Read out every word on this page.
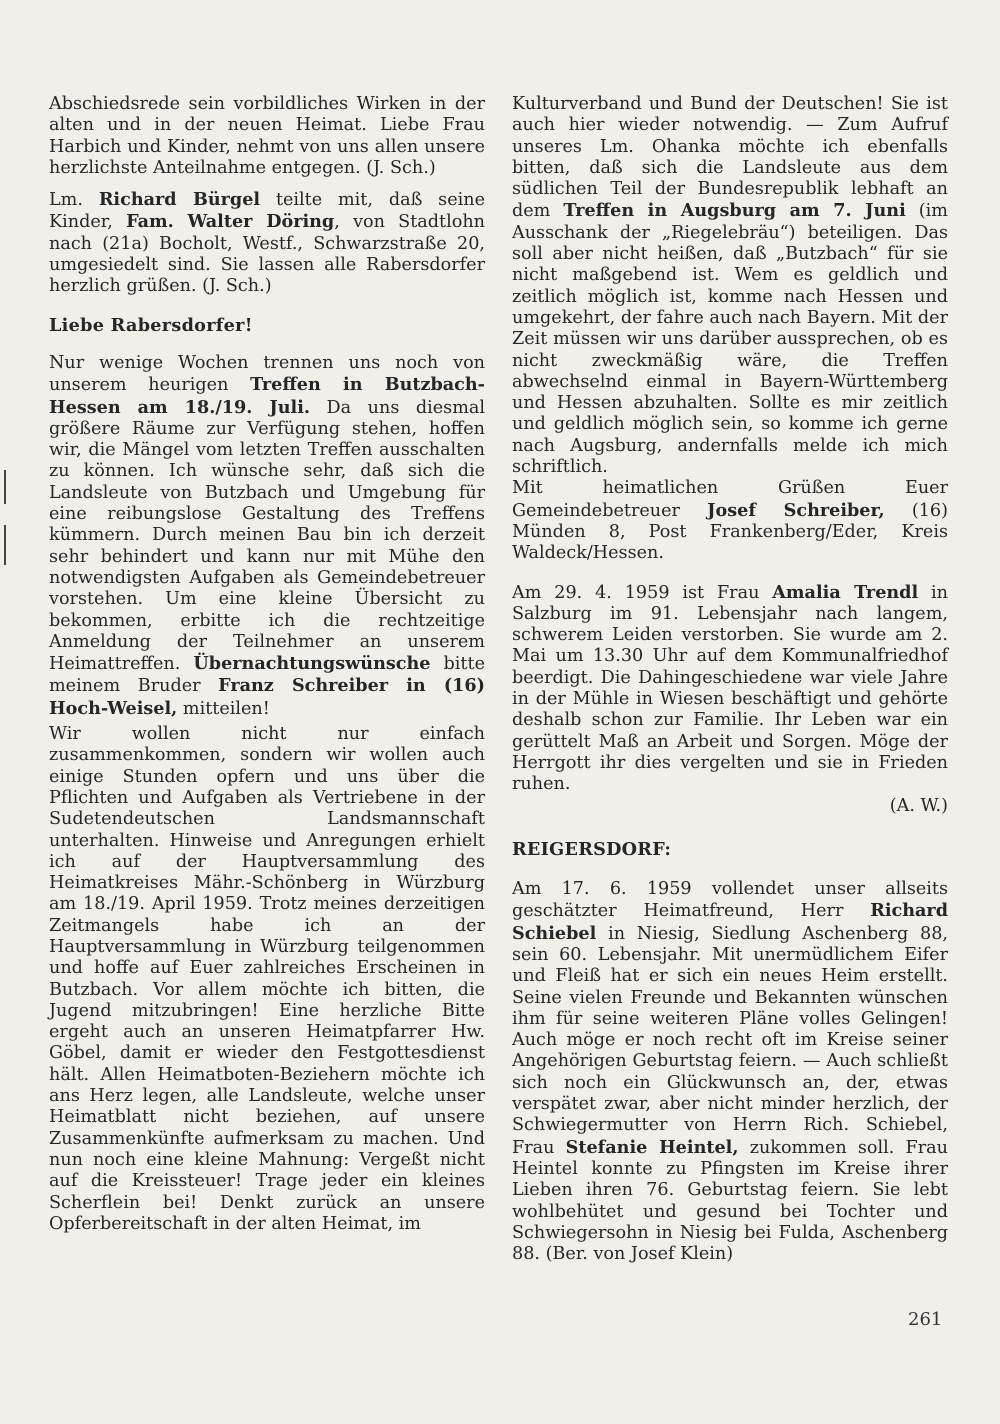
Abschiedsrede sein vorbildliches Wirken in der alten und in der neuen Heimat. Liebe Frau Harbich und Kinder, nehmt von uns allen unsere herzlichste Anteilnahme entgegen. (J. Sch.)

Lm. Richard Bürgel teilte mit, daß seine Kinder, Fam. Walter Döring, von Stadtlohn nach (21a) Bocholt, Westf., Schwarzstraße 20, umgesiedelt sind. Sie lassen alle Rabersdorfer herzlich grüßen. (J. Sch.)

Liebe Rabersdorfer!

Nur wenige Wochen trennen uns noch von unserem heurigen Treffen in Butzbach-Hessen am 18./19. Juli. Da uns diesmal größere Räume zur Verfügung stehen, hoffen wir, die Mängel vom letzten Treffen ausschalten zu können. Ich wünsche sehr, daß sich die Landsleute von Butzbach und Umgebung für eine reibungslose Gestaltung des Treffens kümmern. Durch meinen Bau bin ich derzeit sehr behindert und kann nur mit Mühe den notwendigsten Aufgaben als Gemeindebetreuer vorstehen. Um eine kleine Übersicht zu bekommen, erbitte ich die rechtzeitige Anmeldung der Teilnehmer an unserem Heimattreffen. Übernachtungswünsche bitte meinem Bruder Franz Schreiber in (16) Hoch-Weisel, mitteilen!

Wir wollen nicht nur einfach zusammenkommen, sondern wir wollen auch einige Stunden opfern und uns über die Pflichten und Aufgaben als Vertriebene in der Sudetendeutschen Landsmannschaft unterhalten. Hinweise und Anregungen erhielt ich auf der Hauptversammlung des Heimatkreises Mähr.-Schönberg in Würzburg am 18./19. April 1959. Trotz meines derzeitigen Zeitmangels habe ich an der Hauptversammlung in Würzburg teilgenommen und hoffe auf Euer zahlreiches Erscheinen in Butzbach. Vor allem möchte ich bitten, die Jugend mitzubringen! Eine herzliche Bitte ergeht auch an unseren Heimatpfarrer Hw. Göbel, damit er wieder den Festgottesdienst hält. Allen Heimatboten-Beziehern möchte ich ans Herz legen, alle Landsleute, welche unser Heimatblatt nicht beziehen, auf unsere Zusammenkünfte aufmerksam zu machen. Und nun noch eine kleine Mahnung: Vergeßt nicht auf die Kreissteuer! Trage jeder ein kleines Scherflein bei! Denkt zurück an unsere Opferbereitschaft in der alten Heimat, im

Kulturverband und Bund der Deutschen! Sie ist auch hier wieder notwendig. — Zum Aufruf unseres Lm. Ohanka möchte ich ebenfalls bitten, daß sich die Landsleute aus dem südlichen Teil der Bundesrepublik lebhaft an dem Treffen in Augsburg am 7. Juni (im Ausschank der „Riegelebräu“) beteiligen. Das soll aber nicht heißen, daß „Butzbach“ für sie nicht maßgebend ist. Wem es geldlich und zeitlich möglich ist, komme nach Hessen und umgekehrt, der fahre auch nach Bayern. Mit der Zeit müssen wir uns darüber aussprechen, ob es nicht zweckmäßig wäre, die Treffen abwechselnd einmal in Bayern-Württemberg und Hessen abzuhalten. Sollte es mir zeitlich und geldlich möglich sein, so komme ich gerne nach Augsburg, andernfalls melde ich mich schriftlich.

Mit heimatlichen Grüßen Euer Gemeindebetreuer Josef Schreiber, (16) Münden 8, Post Frankenberg/Eder, Kreis Waldeck/Hessen.

Am 29. 4. 1959 ist Frau Amalia Trendl in Salzburg im 91. Lebensjahr nach langem, schwerem Leiden verstorben. Sie wurde am 2. Mai um 13.30 Uhr auf dem Kommunalfriedhof beerdigt. Die Dahingeschiedene war viele Jahre in der Mühle in Wiesen beschäftigt und gehörte deshalb schon zur Familie. Ihr Leben war ein gerüttelt Maß an Arbeit und Sorgen. Möge der Herrgott ihr dies vergelten und sie in Frieden ruhen.

(A. W.)

REIGERSDORF:

Am 17. 6. 1959 vollendet unser allseits geschätzter Heimatfreund, Herr Richard Schiebel in Niesig, Siedlung Aschenberg 88, sein 60. Lebensjahr. Mit unermüdlichem Eifer und Fleiß hat er sich ein neues Heim erstellt. Seine vielen Freunde und Bekannten wünschen ihm für seine weiteren Pläne volles Gelingen! Auch möge er noch recht oft im Kreise seiner Angehörigen Geburtstag feiern. — Auch schließt sich noch ein Glückwunsch an, der, etwas verspätet zwar, aber nicht minder herzlich, der Schwiegermutter von Herrn Rich. Schiebel, Frau Stefanie Heintel, zukommen soll. Frau Heintel konnte zu Pfingsten im Kreise ihrer Lieben ihren 76. Geburtstag feiern. Sie lebt wohlbehütet und gesund bei Tochter und Schwiegersohn in Niesig bei Fulda, Aschenberg 88. (Ber. von Josef Klein)

261
